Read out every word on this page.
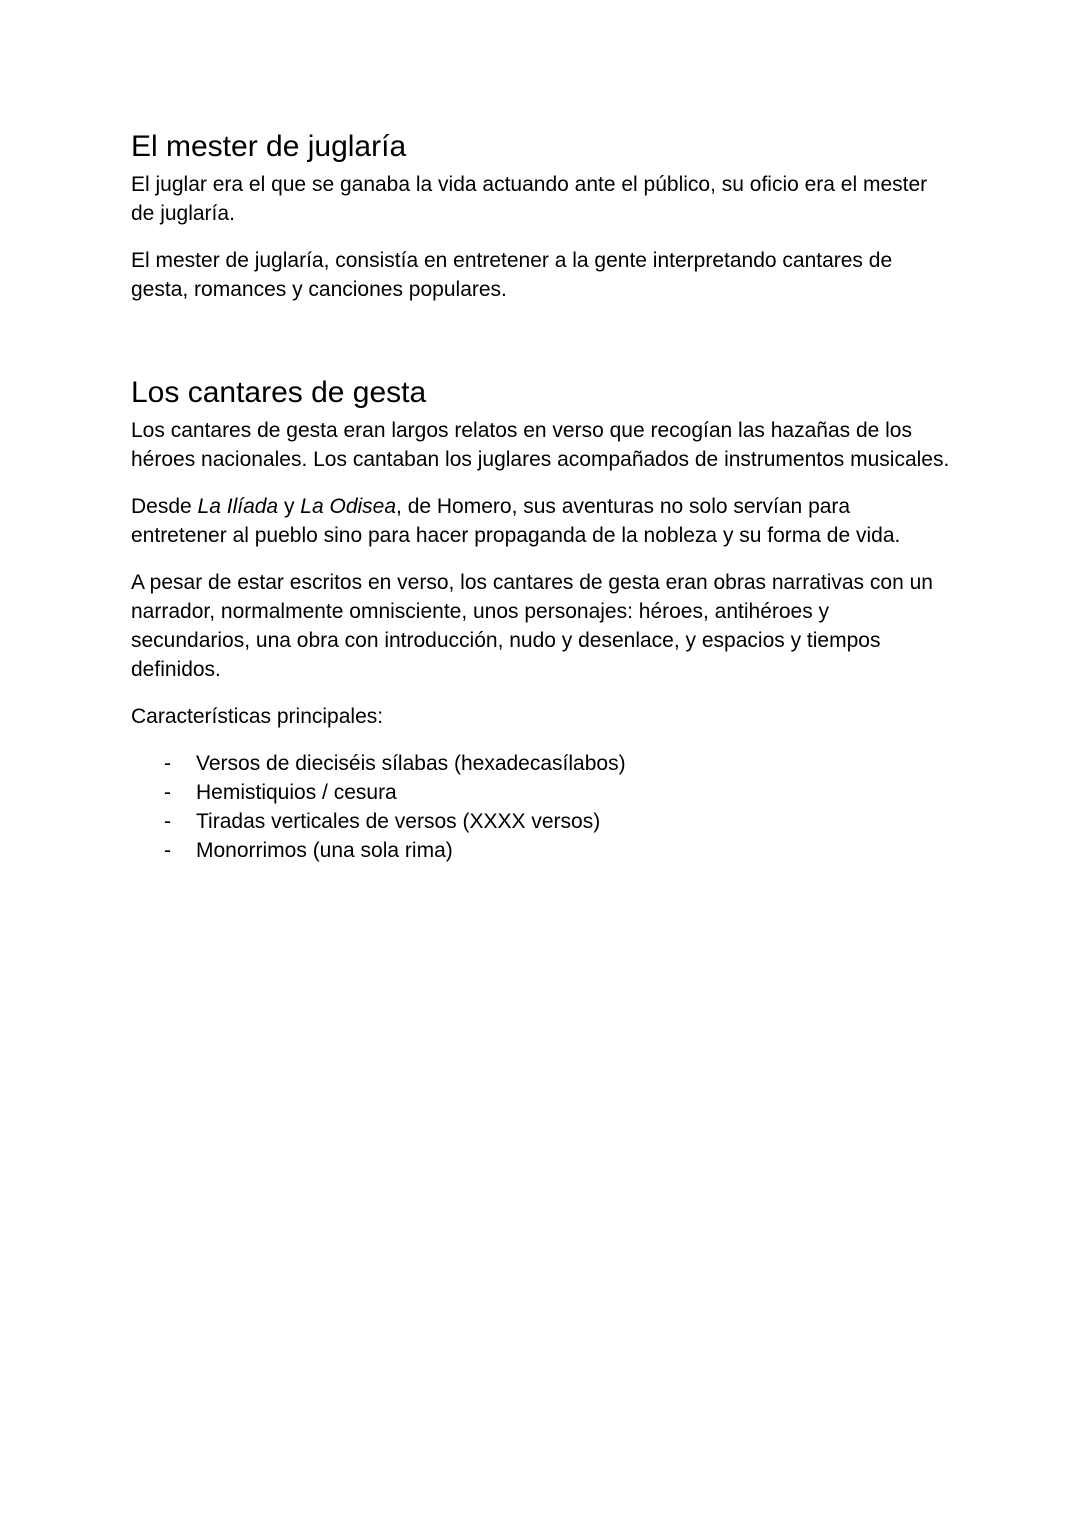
El mester de juglaría

El juglar era el que se ganaba la vida actuando ante el público, su oficio era el mester de juglaría.

El mester de juglaría, consistía en entretener a la gente interpretando cantares de gesta, romances y canciones populares.

Los cantares de gesta

Los cantares de gesta eran largos relatos en verso que recogían las hazañas de los héroes nacionales. Los cantaban los juglares acompañados de instrumentos musicales.

Desde La Ilíada y La Odisea, de Homero, sus aventuras no solo servían para entretener al pueblo sino para hacer propaganda de la nobleza y su forma de vida.

A pesar de estar escritos en verso, los cantares de gesta eran obras narrativas con un narrador, normalmente omnisciente, unos personajes: héroes, antihéroes y secundarios, una obra con introducción, nudo y desenlace, y espacios y tiempos definidos.

Características principales:

- Versos de dieciséis sílabas (hexadecasílabos)
- Hemistiquios / cesura
- Tiradas verticales de versos (XXXX versos)
- Monorrimos (una sola rima)
